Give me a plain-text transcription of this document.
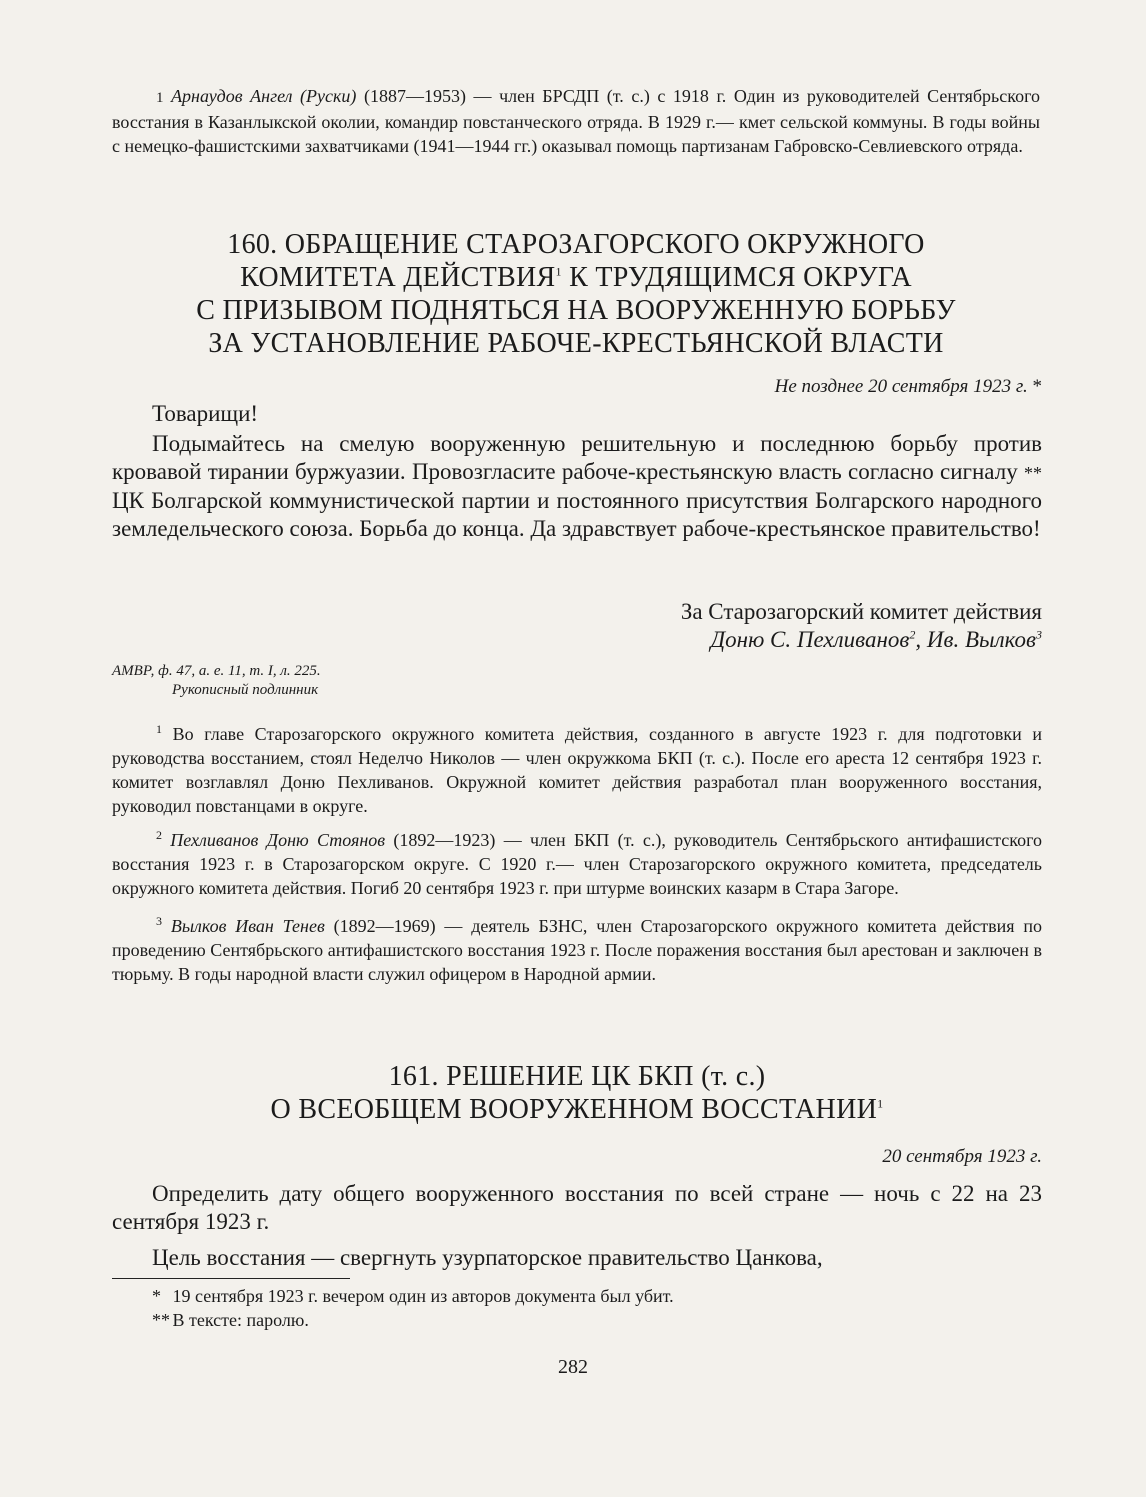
1 Арнаудов Ангел (Руски) (1887—1953) — член БРСДП (т. с.) с 1918 г. Один из руководителей Сентябрьского восстания в Казанлыкской околии, командир повстанческого отряда. В 1929 г.— кмет сельской коммуны. В годы войны с немецко-фашистскими захватчиками (1941—1944 гг.) оказывал помощь партизанам Габровско-Севлиевского отряда.
160. ОБРАЩЕНИЕ СТАРОЗАГОРСКОГО ОКРУЖНОГО
КОМИТЕТА ДЕЙСТВИЯ$^1$ К ТРУДЯЩИМСЯ ОКРУГА
С ПРИЗЫВОМ ПОДНЯТЬСЯ НА ВООРУЖЕННУЮ БОРЬБУ
ЗА УСТАНОВЛЕНИЕ РАБОЧЕ-КРЕСТЬЯНСКОЙ ВЛАСТИ
Не позднее 20 сентября 1923 г. *
Товарищи!
Подымайтесь на смелую вооруженную решительную и последнюю борьбу против кровавой тирании буржуазии. Провозгласите рабоче-крестьянскую власть согласно сигналу ** ЦК Болгарской коммунистической партии и постоянного присутствия Болгарского народного земледельческого союза. Борьба до конца. Да здравствует рабоче-крестьянское правительство!
За Старозагорский комитет действия
Доню С. Пехливанов$^2$, Ив. Вылков$^3$
АМВР, ф. 47, а. е. 11, т. I, л. 225.
Рукописный подлинник
$^1$ Во главе Старозагорского окружного комитета действия, созданного в августе 1923 г. для подготовки и руководства восстанием, стоял Неделчо Николов — член окружкома БКП (т. с.). После его ареста 12 сентября 1923 г. комитет возглавлял Доню Пехливанов. Окружной комитет действия разработал план вооруженного восстания, руководил повстанцами в округе.
$^2$ Пехливанов Доню Стоянов (1892—1923) — член БКП (т. с.), руководитель Сентябрьского антифашистского восстания 1923 г. в Старозагорском округе. С 1920 г.— член Старозагорского окружного комитета, председатель окружного комитета действия. Погиб 20 сентября 1923 г. при штурме воинских казарм в Стара Загоре.
$^3$ Вылков Иван Тенев (1892—1969) — деятель БЗНС, член Старозагорского окружного комитета действия по проведению Сентябрьского антифашистского восстания 1923 г. После поражения восстания был арестован и заключен в тюрьму. В годы народной власти служил офицером в Народной армии.
161. РЕШЕНИЕ ЦК БКП (т. с.)
О ВСЕОБЩЕМ ВООРУЖЕННОМ ВОССТАНИИ$^1$
20 сентября 1923 г.
Определить дату общего вооруженного восстания по всей стране — ночь с 22 на 23 сентября 1923 г.
Цель восстания — свергнуть узурпаторское правительство Цанкова,
* 19 сентября 1923 г. вечером один из авторов документа был убит.
** В тексте: паролю.
282
